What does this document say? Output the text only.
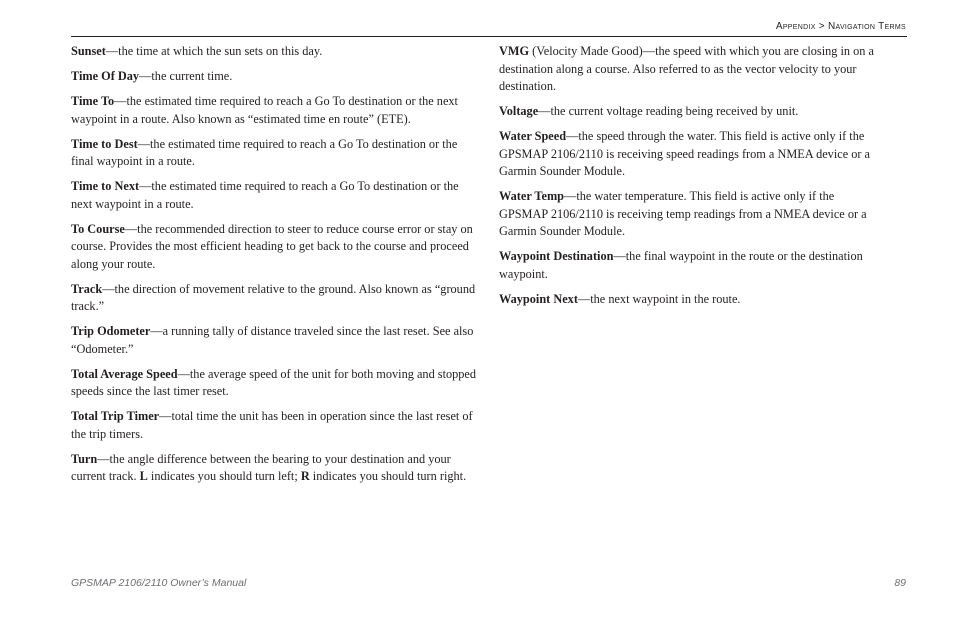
Appendix > Navigation Terms

Sunset—the time at which the sun sets on this day.

Time Of Day—the current time.

Time To—the estimated time required to reach a Go To destination or the next waypoint in a route. Also known as “estimated time en route” (ETE).

Time to Dest—the estimated time required to reach a Go To destination or the final waypoint in a route.

Time to Next—the estimated time required to reach a Go To destination or the next waypoint in a route.

To Course—the recommended direction to steer to reduce course error or stay on course. Provides the most efficient heading to get back to the course and proceed along your route.

Track—the direction of movement relative to the ground. Also known as “ground track.”

Trip Odometer—a running tally of distance traveled since the last reset. See also “Odometer.”

Total Average Speed—the average speed of the unit for both moving and stopped speeds since the last timer reset.

Total Trip Timer—total time the unit has been in operation since the last reset of the trip timers.

Turn—the angle difference between the bearing to your destination and your current track. L indicates you should turn left; R indicates you should turn right.

VMG (Velocity Made Good)—the speed with which you are closing in on a destination along a course. Also referred to as the vector velocity to your destination.

Voltage—the current voltage reading being received by unit.

Water Speed—the speed through the water. This field is active only if the GPSMAP 2106/2110 is receiving speed readings from a NMEA device or a Garmin Sounder Module.

Water Temp—the water temperature. This field is active only if the GPSMAP 2106/2110 is receiving temp readings from a NMEA device or a Garmin Sounder Module.

Waypoint Destination—the final waypoint in the route or the destination waypoint.

Waypoint Next—the next waypoint in the route.

GPSMAP 2106/2110 Owner’s Manual	89
